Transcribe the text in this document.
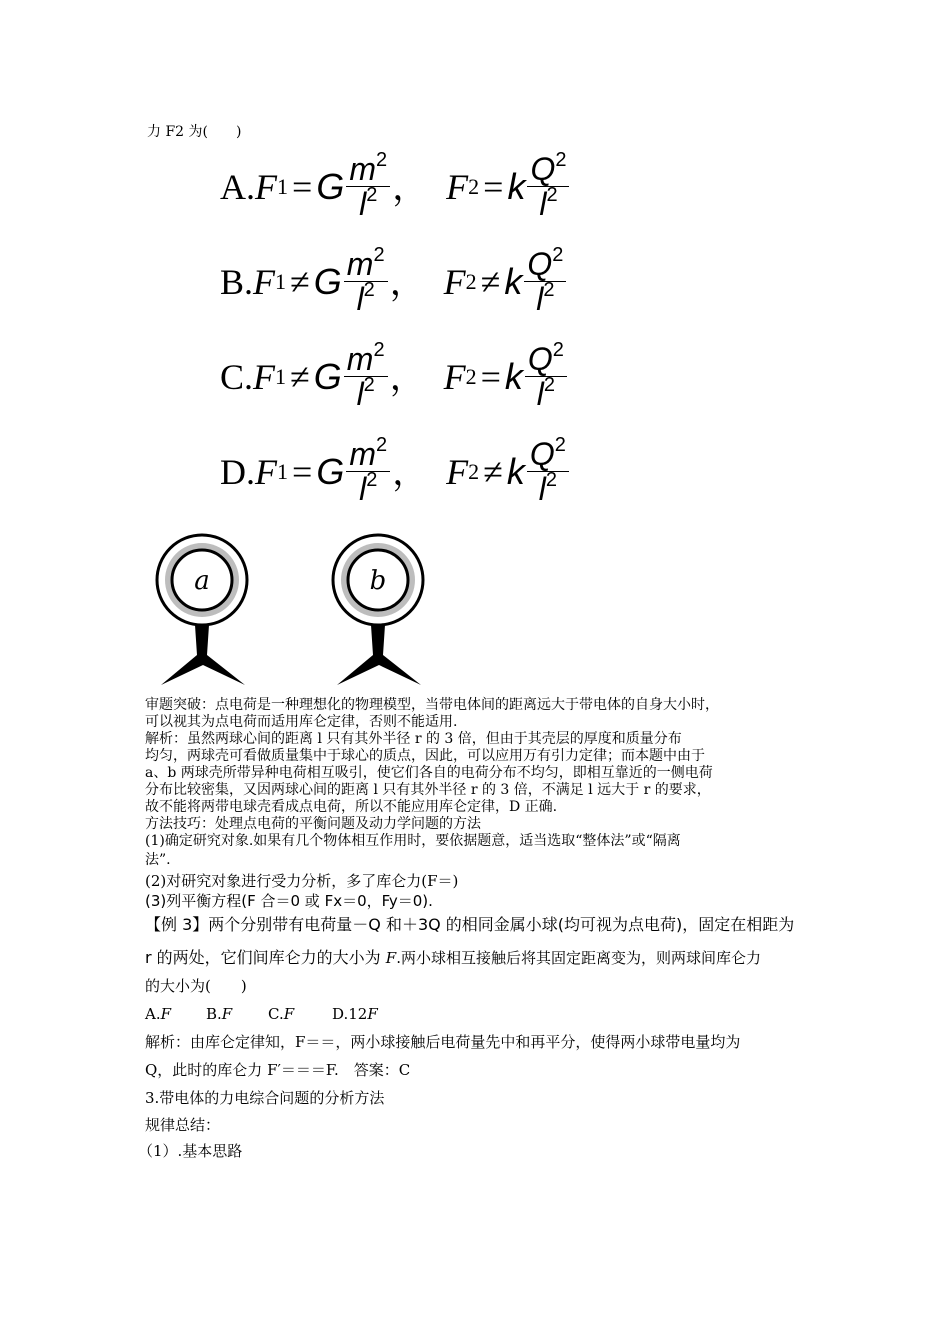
力 F2 为(　　)
A. F 1 = G $\frac{m^2}{l^2}$ ， F 2 = k $\frac{Q^2}{l^2}$
B. F 1 ≠ G $\frac{m^2}{l^2}$ ， F 2 ≠ k $\frac{Q^2}{l^2}$
C. F 1 ≠ G $\frac{m^2}{l^2}$ ， F 2 = k $\frac{Q^2}{l^2}$
D. F 1 = G $\frac{m^2}{l^2}$ ， F 2 ≠ k $\frac{Q^2}{l^2}$
a	b
审题突破：点电荷是一种理想化的物理模型，当带电体间的距离远大于带电体的自身大小时，
可以视其为点电荷而适用库仑定律，否则不能适用.
解析：虽然两球心间的距离 l 只有其外半径 r 的 3 倍，但由于其壳层的厚度和质量分布
均匀，两球壳可看做质量集中于球心的质点，因此，可以应用万有引力定律；而本题中由于
a、b 两球壳所带异种电荷相互吸引，使它们各自的电荷分布不均匀，即相互靠近的一侧电荷
分布比较密集，又因两球心间的距离 l 只有其外半径 r 的 3 倍，不满足 l 远大于 r 的要求，
故不能将两带电球壳看成点电荷，所以不能应用库仑定律，D 正确.
方法技巧：处理点电荷的平衡问题及动力学问题的方法
(1)确定研究对象.如果有几个物体相互作用时，要依据题意，适当选取“整体法”或“隔离
法”.
(2)对研究对象进行受力分析，多了库仑力(F＝)
(3)列平衡方程(F 合＝0 或 Fx＝0，Fy＝0).
【例 3】两个分别带有电荷量－Q 和＋3Q 的相同金属小球(均可视为点电荷)，固定在相距为
r 的两处，它们间库仑力的大小为 F.两小球相互接触后将其固定距离变为，则两球间库仑力
的大小为(　　)
A.F B.F C.F	D.12F
解析：由库仑定律知，F＝＝，两小球接触后电荷量先中和再平分，使得两小球带电量均为
Q，此时的库仑力 F′＝＝＝F.　答案：C
3.带电体的力电综合问题的分析方法
规律总结：
（1）.基本思路
